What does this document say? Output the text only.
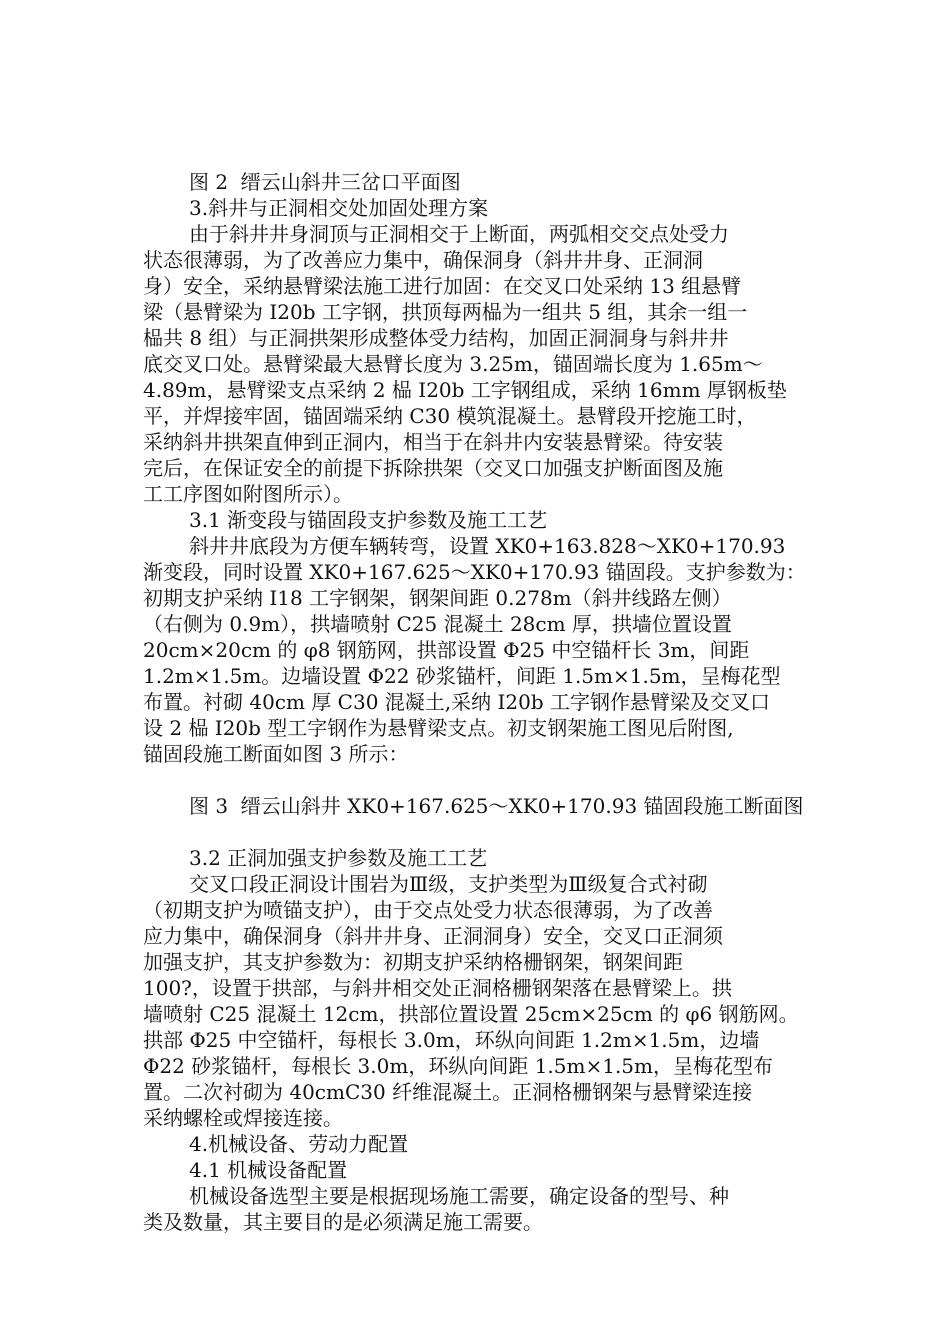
图 2  缙云山斜井三岔口平面图
3.斜井与正洞相交处加固处理方案
由于斜井井身洞顶与正洞相交于上断面，两弧相交交点处受力
状态很薄弱，为了改善应力集中，确保洞身（斜井井身、正洞洞
身）安全，采纳悬臂梁法施工进行加固：在交叉口处采纳 13 组悬臂
梁（悬臂梁为 I20b 工字钢，拱顶每两榀为一组共 5 组，其余一组一
榀共 8 组）与正洞拱架形成整体受力结构，加固正洞洞身与斜井井
底交叉口处。悬臂梁最大悬臂长度为 3.25m，锚固端长度为 1.65m～
4.89m，悬臂梁支点采纳 2 榀 I20b 工字钢组成，采纳 16mm 厚钢板垫
平，并焊接牢固，锚固端采纳 C30 模筑混凝土。悬臂段开挖施工时，
采纳斜井拱架直伸到正洞内，相当于在斜井内安装悬臂梁。待安装
完后，在保证安全的前提下拆除拱架（交叉口加强支护断面图及施
工工序图如附图所示）。
3.1 渐变段与锚固段支护参数及施工工艺
斜井井底段为方便车辆转弯，设置 XK0+163.828～XK0+170.93
渐变段，同时设置 XK0+167.625～XK0+170.93 锚固段。支护参数为：
初期支护采纳 I18 工字钢架，钢架间距 0.278m（斜井线路左侧）
（右侧为 0.9m），拱墙喷射 C25 混凝土 28cm 厚，拱墙位置设置
20cm×20cm 的 φ8 钢筋网，拱部设置 Φ25 中空锚杆长 3m，间距
1.2m×1.5m。边墙设置 Φ22 砂浆锚杆，间距 1.5m×1.5m，呈梅花型
布置。衬砌 40cm 厚 C30 混凝土,采纳 I20b 工字钢作悬臂梁及交叉口
设 2 榀 I20b 型工字钢作为悬臂梁支点。初支钢架施工图见后附图,
锚固段施工断面如图 3 所示：
图 3  缙云山斜井 XK0+167.625～XK0+170.93 锚固段施工断面图
3.2 正洞加强支护参数及施工工艺
交叉口段正洞设计围岩为Ⅲ级，支护类型为Ⅲ级复合式衬砌
（初期支护为喷锚支护），由于交点处受力状态很薄弱，为了改善
应力集中，确保洞身（斜井井身、正洞洞身）安全，交叉口正洞须
加强支护，其支护参数为：初期支护采纳格栅钢架，钢架间距
100?，设置于拱部，与斜井相交处正洞格栅钢架落在悬臂梁上。拱
墙喷射 C25 混凝土 12cm，拱部位置设置 25cm×25cm 的 φ6 钢筋网。
拱部 Φ25 中空锚杆，每根长 3.0m，环纵向间距 1.2m×1.5m，边墙
Φ22 砂浆锚杆，每根长 3.0m，环纵向间距 1.5m×1.5m，呈梅花型布
置。二次衬砌为 40cmC30 纤维混凝土。正洞格栅钢架与悬臂梁连接
采纳螺栓或焊接连接。
4.机械设备、劳动力配置
4.1 机械设备配置
机械设备选型主要是根据现场施工需要，确定设备的型号、种
类及数量，其主要目的是必须满足施工需要。
